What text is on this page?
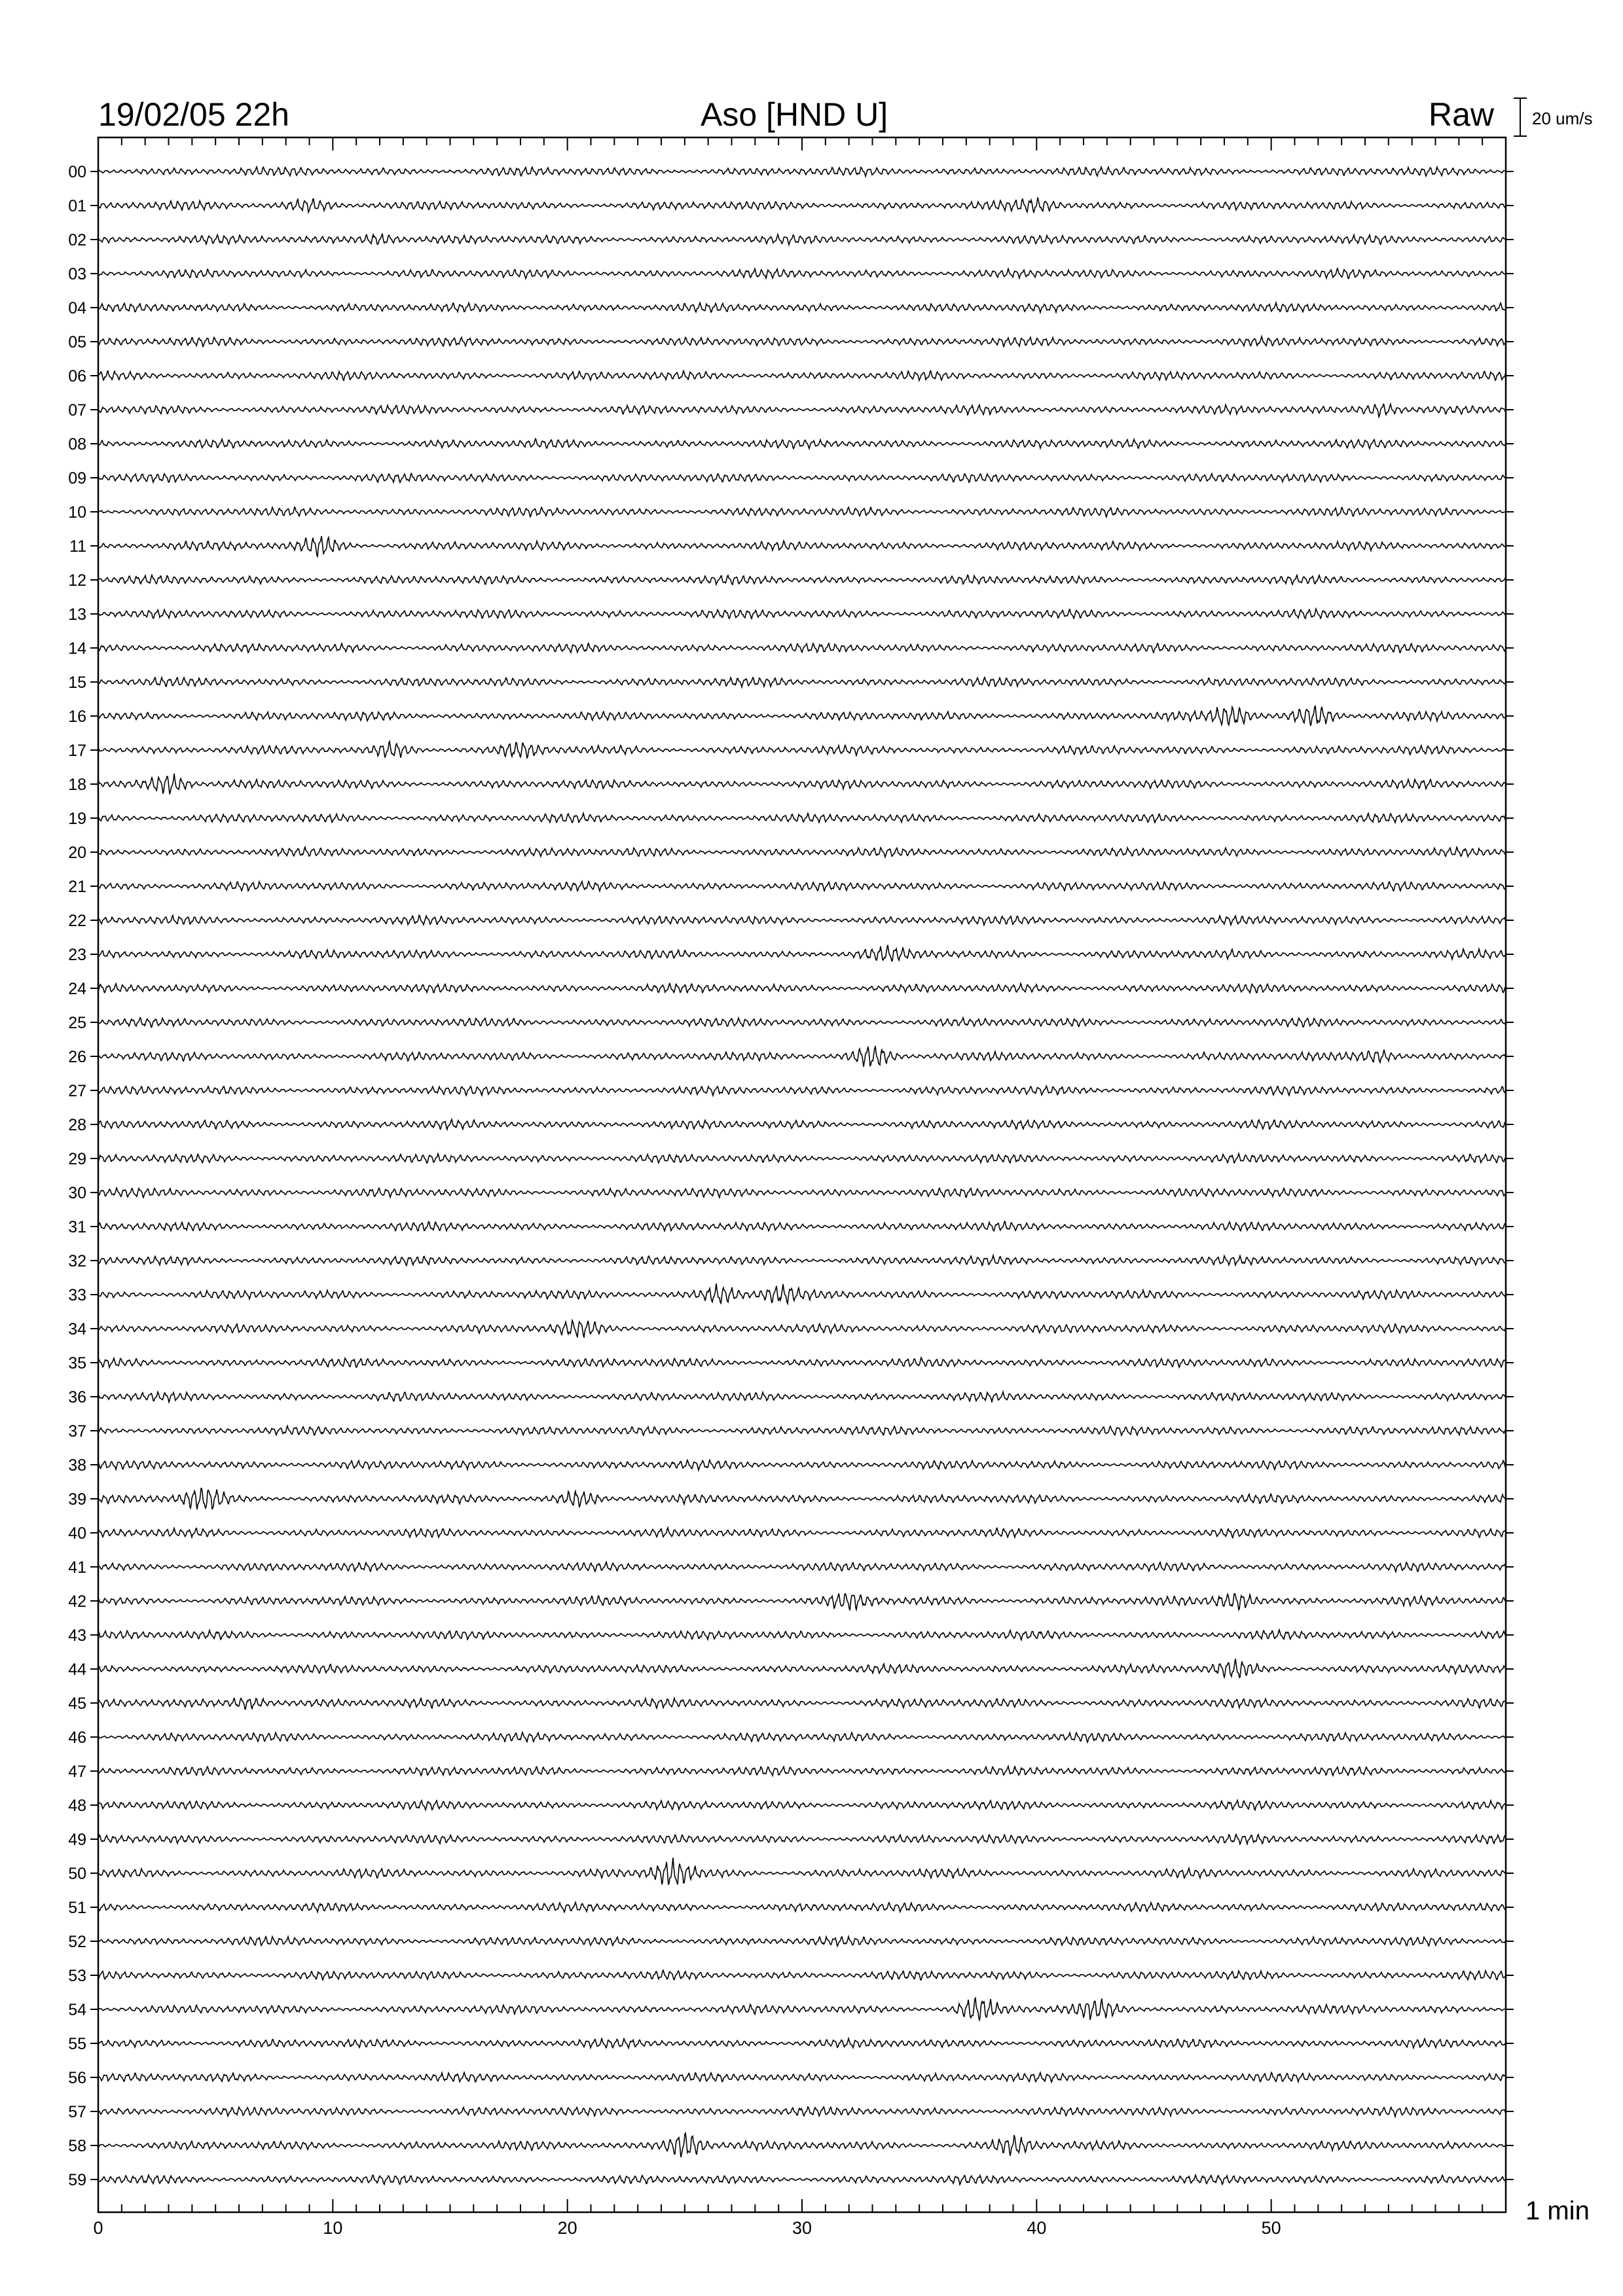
00
01
02
03
04
05
06
07
08
09
10
11
12
13
14
15
16
17
18
19
20
21
22
23
24
25
26
27
28
29
30
31
32
33
34
35
36
37
38
39
40
41
42
43
44
45
46
47
48
49
50
51
52
53
54
55
56
57
58
59
0	10	20	30	40	50
19/02/05 22h	Aso [HND U]	Raw 20 um/s
1 min
